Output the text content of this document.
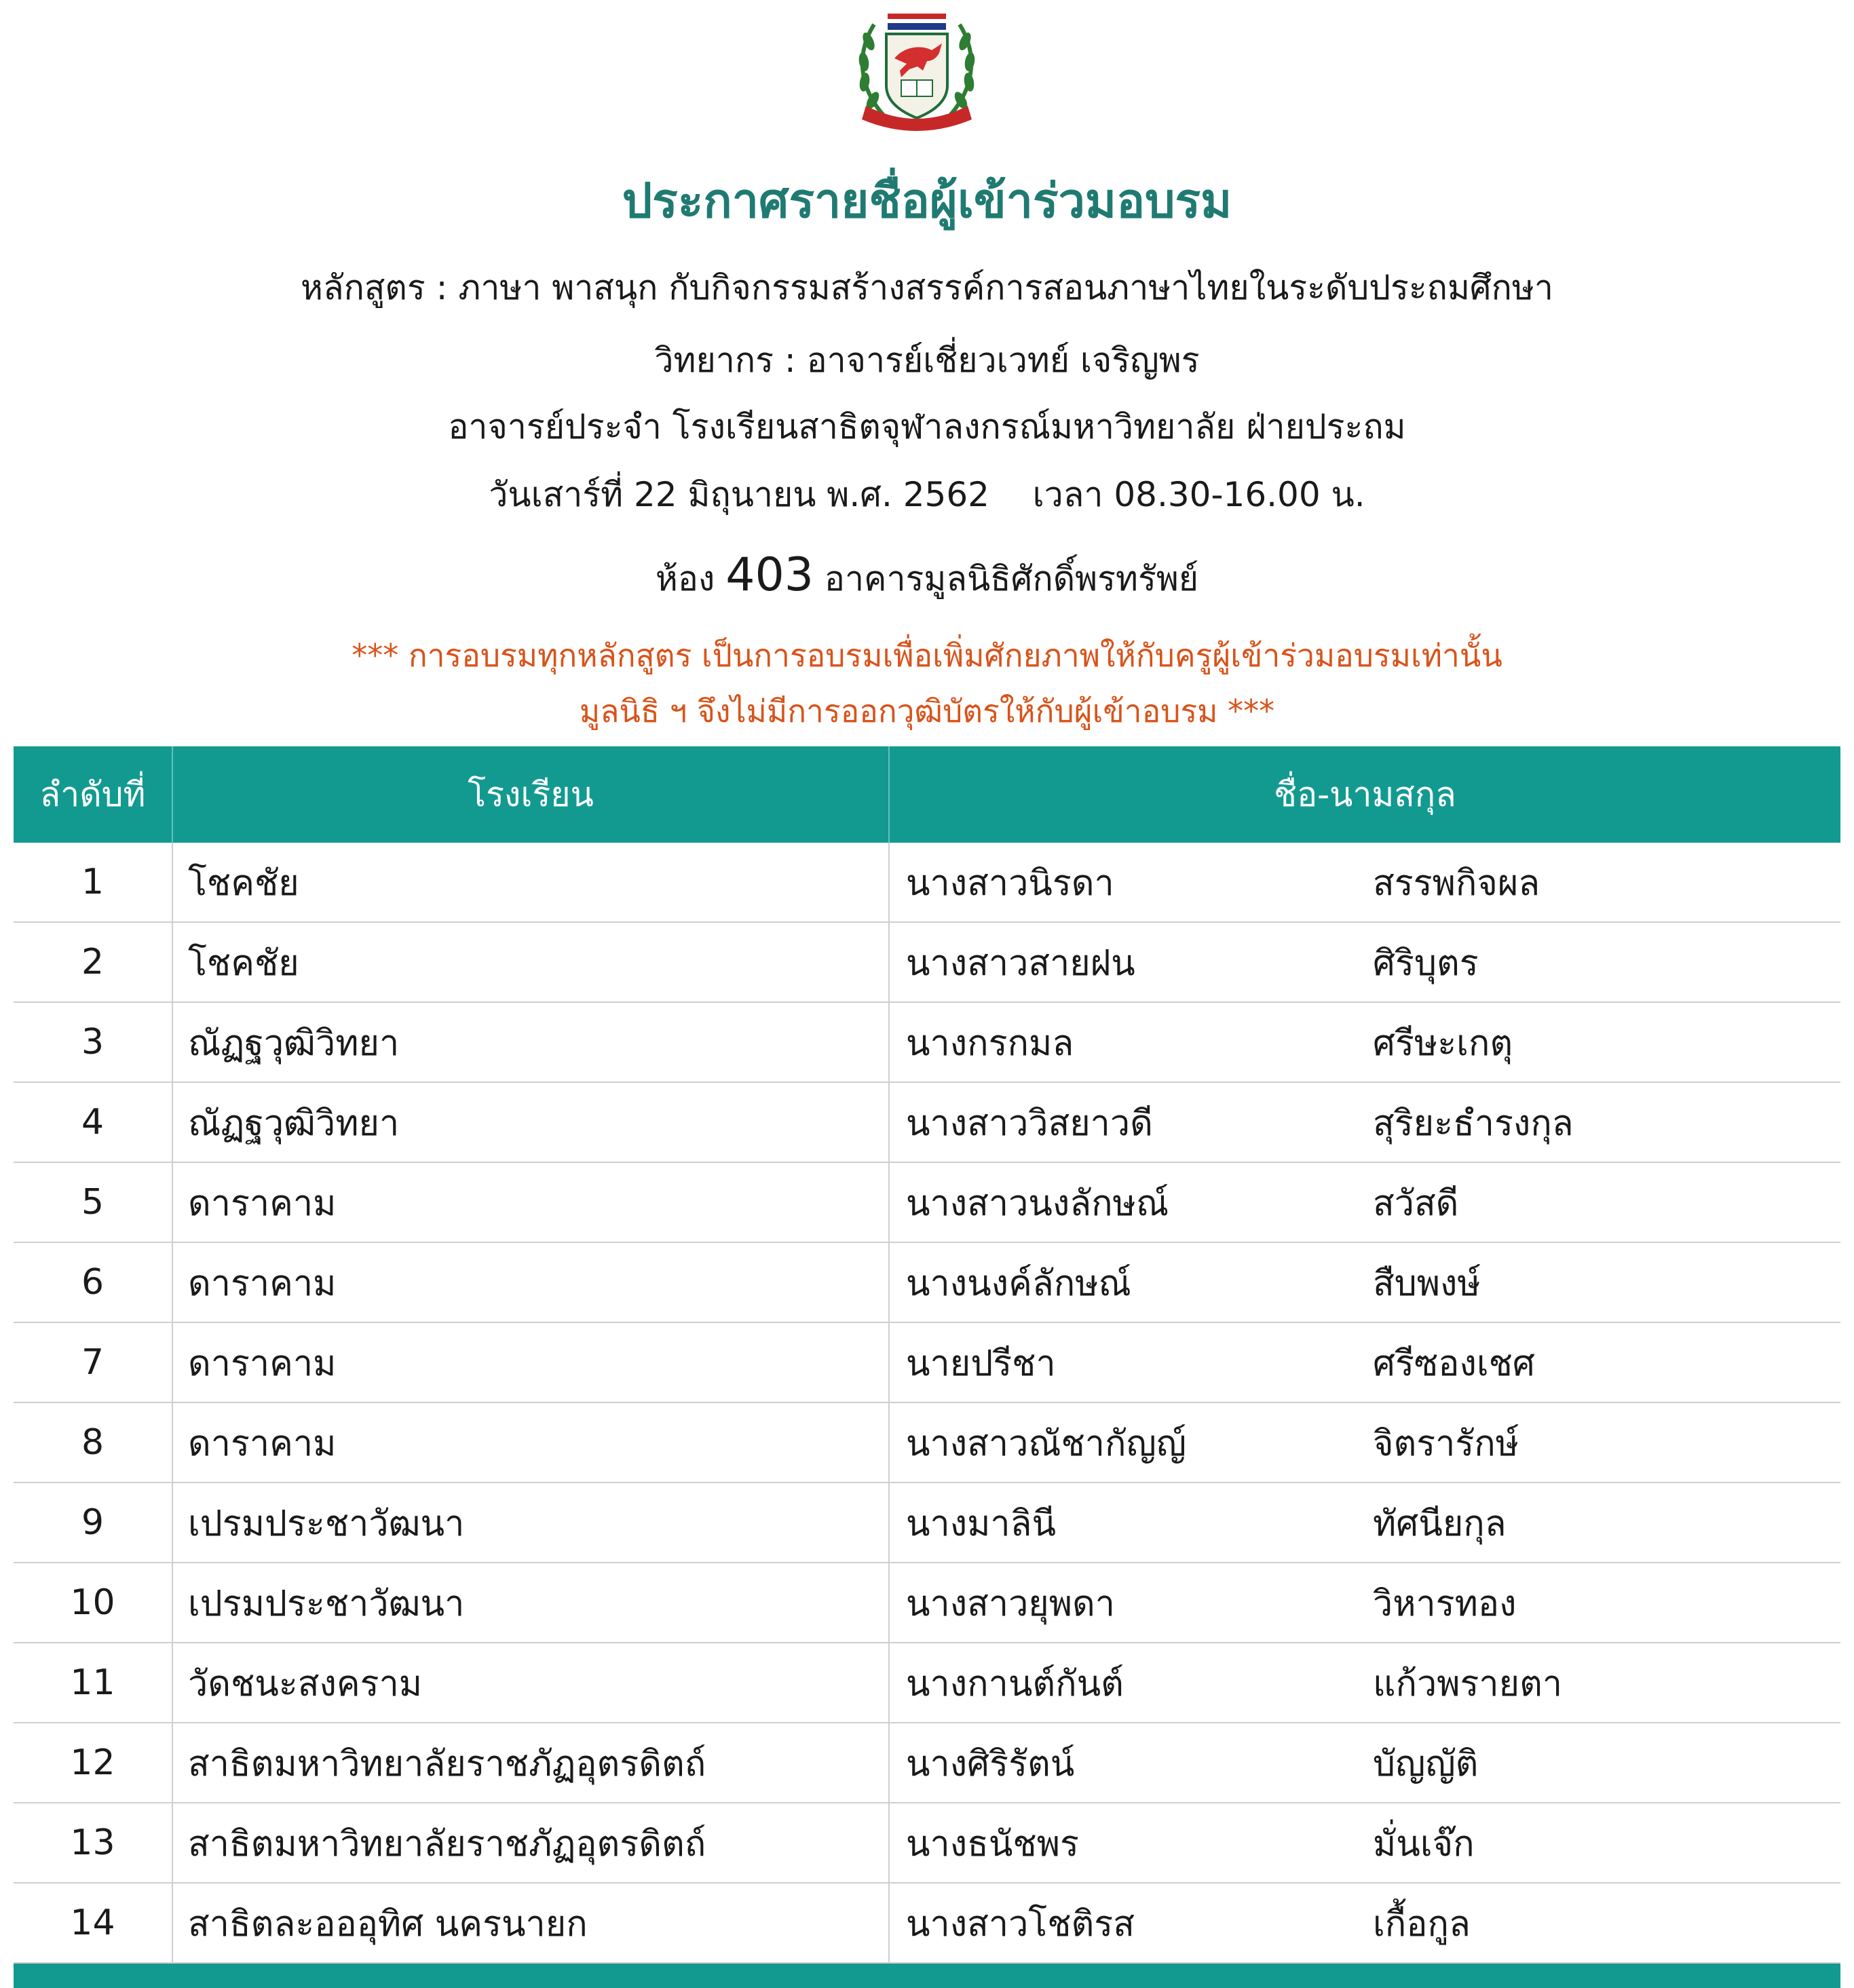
ประกาศรายชื่อผู้เข้าร่วมอบรม
หลักสูตร : ภาษา พาสนุก กับกิจกรรมสร้างสรรค์การสอนภาษาไทยในระดับประถมศึกษา
วิทยากร : อาจารย์เชี่ยวเวทย์ เจริญพร
อาจารย์ประจำ โรงเรียนสาธิตจุฬาลงกรณ์มหาวิทยาลัย ฝ่ายประถม
วันเสาร์ที่ 22 มิถุนายน พ.ศ. 2562    เวลา 08.30-16.00 น.
ห้อง 403 อาคารมูลนิธิศักดิ์พรทรัพย์
*** การอบรมทุกหลักสูตร เป็นการอบรมเพื่อเพิ่มศักยภาพให้กับครูผู้เข้าร่วมอบรมเท่านั้น
มูลนิธิ ฯ จึงไม่มีการออกวุฒิบัตรให้กับผู้เข้าอบรม ***
ลำดับที่	โรงเรียน	ชื่อ-นามสกุล
1	โชคชัย	นางสาวนิรดา สรรพกิจผล
2	โชคชัย	นางสาวสายฝน ศิริบุตร
3	ณัฏฐวุฒิวิทยา	นางกรกมล ศรีษะเกตุ
4	ณัฏฐวุฒิวิทยา	นางสาววิสยาวดี สุริยะธำรงกุล
5	ดาราคาม	นางสาวนงลักษณ์ สวัสดี
6	ดาราคาม	นางนงค์ลักษณ์ สืบพงษ์
7	ดาราคาม	นายปรีชา ศรีซองเชศ
8	ดาราคาม	นางสาวณัชากัญญ์ จิตรารักษ์
9	เปรมประชาวัฒนา	นางมาลินี ทัศนียกุล
10	เปรมประชาวัฒนา	นางสาวยุพดา วิหารทอง
11	วัดชนะสงคราม	นางกานต์กันต์ แก้วพรายตา
12	สาธิตมหาวิทยาลัยราชภัฏอุตรดิตถ์	นางศิริรัตน์ บัญญัติ
13	สาธิตมหาวิทยาลัยราชภัฏอุตรดิตถ์	นางธนัชพร มั่นเจ๊ก
14	สาธิตละอออุทิศ นครนายก	นางสาวโชติรส เกื้อกูล
